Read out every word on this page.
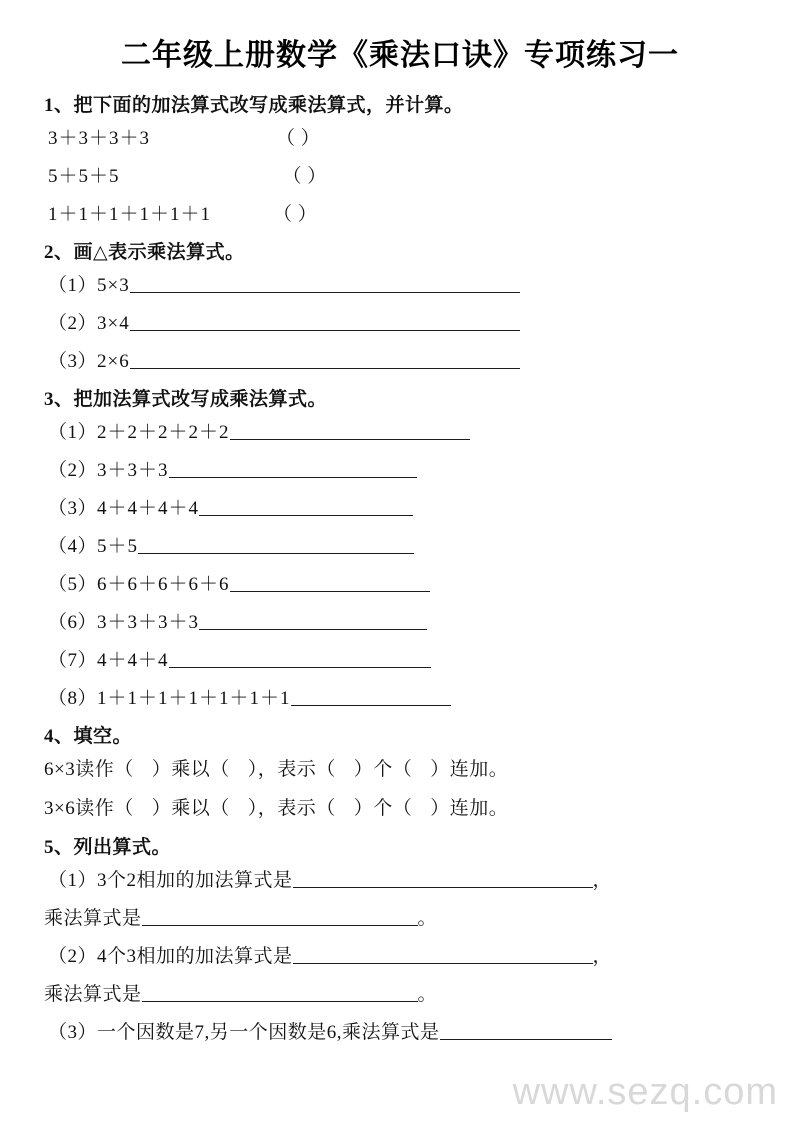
二年级上册数学《乘法口诀》专项练习一
1、把下面的加法算式改写成乘法算式，并计算。
3＋3＋3＋3	（ ）
5＋5＋5	（ ）
1＋1＋1＋1＋1＋1	（ ）
2、画△表示乘法算式。
（1）5×3
（2）3×4
（3）2×6
3、把加法算式改写成乘法算式。
（1）2＋2＋2＋2＋2
（2）3＋3＋3
（3）4＋4＋4＋4
（4）5＋5
（5）6＋6＋6＋6＋6
（6）3＋3＋3＋3
（7）4＋4＋4
（8）1＋1＋1＋1＋1＋1＋1
4、填空。
6×3读作（ ）乘以（ ），表示（ ）个（ ）连加。
3×6读作（ ）乘以（ ），表示（ ）个（ ）连加。
5、列出算式。
（1）3个2相加的加法算式是	，
乘法算式是	。
（2）4个3相加的加法算式是	，
乘法算式是	。
（3）一个因数是7,另一个因数是6,乘法算式是
www.sezq.com
